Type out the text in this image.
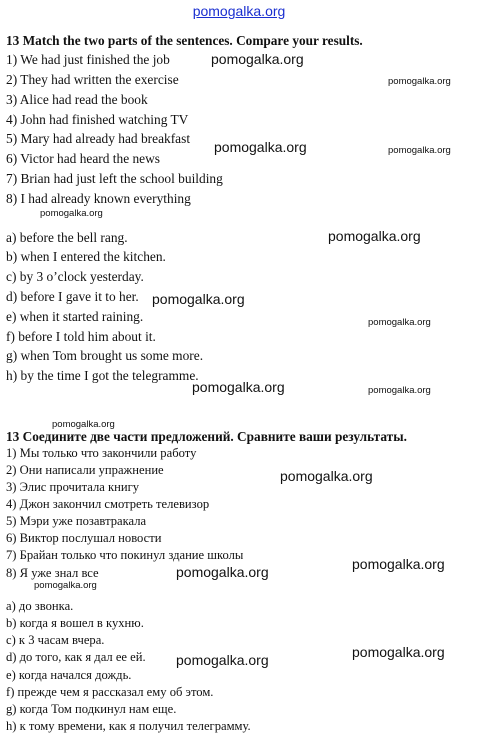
pomogalka.org
13 Match the two parts of the sentences. Compare your results.
1) We had just finished the job
2) They had written the exercise
3) Alice had read the book
4) John had finished watching TV
5) Mary had already had breakfast
6) Victor had heard the news
7) Brian had just left the school building
8) I had already known everything
a) before the bell rang.
b) when I entered the kitchen.
c) by 3 o’clock yesterday.
d) before I gave it to her.
e) when it started raining.
f) before I told him about it.
g) when Tom brought us some more.
h) by the time I got the telegramme.
13 Соедините две части предложений. Сравните ваши результаты.
1) Мы только что закончили работу
2) Они написали упражнение
3) Элис прочитала книгу
4) Джон закончил смотреть телевизор
5) Мэри уже позавтракала
6) Виктор послушал новости
7) Брайан только что покинул здание школы
8) Я уже знал все
а) до звонка.
b) когда я вошел в кухню.
с) к 3 часам вчера.
d) до того, как я дал ее ей.
е) когда начался дождь.
f) прежде чем я рассказал ему об этом.
g) когда Том подкинул нам еще.
h) к тому времени, как я получил телеграмму.
pomogalka.org
pomogalka.org
pomogalka.org	pomogalka.org
pomogalka.org
pomogalka.org
pomogalka.org
pomogalka.org
pomogalka.org	pomogalka.org
pomogalka.org
pomogalka.org
pomogalka.org
pomogalka.org
pomogalka.org
pomogalka.org
pomogalka.org
